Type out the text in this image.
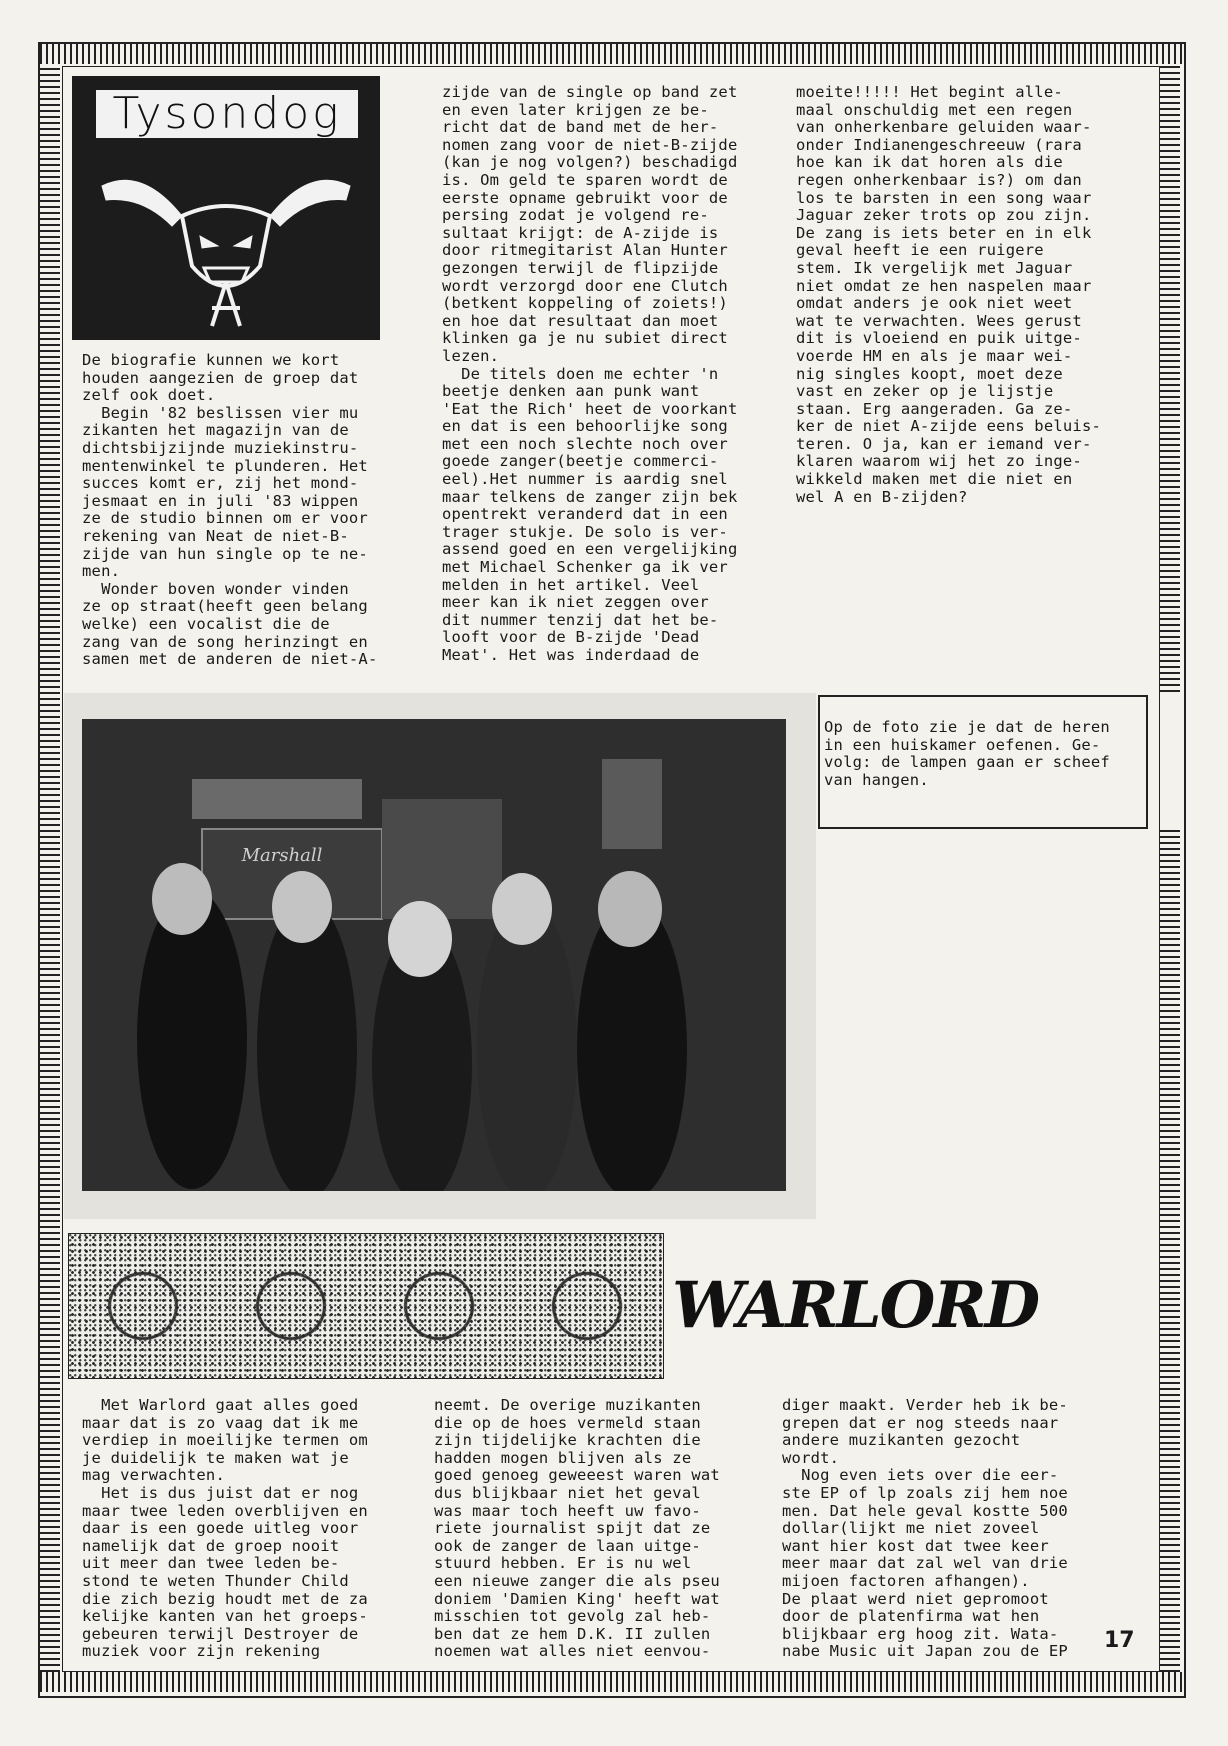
Tysondog
De biografie kunnen we kort
houden aangezien de groep dat
zelf ook doet.
Begin '82 beslissen vier mu
zikanten het magazijn van de
dichtsbijzijnde muziekinstru-
mentenwinkel te plunderen. Het
succes komt er, zij het mond-
jesmaat en in juli '83 wippen
ze de studio binnen om er voor
rekening van Neat de niet-B-
zijde van hun single op te ne-
men.
Wonder boven wonder vinden
ze op straat(heeft geen belang
welke) een vocalist die de
zang van de song herinzingt en
samen met de anderen de niet-A-
zijde van de single op band zet
en even later krijgen ze be-
richt dat de band met de her-
nomen zang voor de niet-B-zijde
(kan je nog volgen?) beschadigd
is. Om geld te sparen wordt de
eerste opname gebruikt voor de
persing zodat je volgend re-
sultaat krijgt: de A-zijde is
door ritmegitarist Alan Hunter
gezongen terwijl de flipzijde
wordt verzorgd door ene Clutch
(betkent koppeling of zoiets!)
en hoe dat resultaat dan moet
klinken ga je nu subiet direct
lezen.
De titels doen me echter 'n
beetje denken aan punk want
'Eat the Rich' heet de voorkant
en dat is een behoorlijke song
met een noch slechte noch over
goede zanger(beetje commerci-
eel).Het nummer is aardig snel
maar telkens de zanger zijn bek
opentrekt veranderd dat in een
trager stukje. De solo is ver-
assend goed en een vergelijking
met Michael Schenker ga ik ver
melden in het artikel. Veel
meer kan ik niet zeggen over
dit nummer tenzij dat het be-
looft voor de B-zijde 'Dead
Meat'. Het was inderdaad de
moeite!!!!! Het begint alle-
maal onschuldig met een regen
van onherkenbare geluiden waar-
onder Indianengeschreeuw (rara
hoe kan ik dat horen als die
regen onherkenbaar is?) om dan
los te barsten in een song waar
Jaguar zeker trots op zou zijn.
De zang is iets beter en in elk
geval heeft ie een ruigere
stem. Ik vergelijk met Jaguar
niet omdat ze hen naspelen maar
omdat anders je ook niet weet
wat te verwachten. Wees gerust
dit is vloeiend en puik uitge-
voerde HM en als je maar wei-
nig singles koopt, moet deze
vast en zeker op je lijstje
staan. Erg aangeraden. Ga ze-
ker de niet A-zijde eens beluis-
teren. O ja, kan er iemand ver-
klaren waarom wij het zo inge-
wikkeld maken met die niet en
wel A en B-zijden?
Marshall
Op de foto zie je dat de heren
in een huiskamer oefenen. Ge-
volg: de lampen gaan er scheef
van hangen.
WARLORD
Met Warlord gaat alles goed
maar dat is zo vaag dat ik me
verdiep in moeilijke termen om
je duidelijk te maken wat je
mag verwachten.
Het is dus juist dat er nog
maar twee leden overblijven en
daar is een goede uitleg voor
namelijk dat de groep nooit
uit meer dan twee leden be-
stond te weten Thunder Child
die zich bezig houdt met de za
kelijke kanten van het groeps-
gebeuren terwijl Destroyer de
muziek voor zijn rekening
neemt. De overige muzikanten
die op de hoes vermeld staan
zijn tijdelijke krachten die
hadden mogen blijven als ze
goed genoeg geweeest waren wat
dus blijkbaar niet het geval
was maar toch heeft uw favo-
riete journalist spijt dat ze
ook de zanger de laan uitge-
stuurd hebben. Er is nu wel
een nieuwe zanger die als pseu
doniem 'Damien King' heeft wat
misschien tot gevolg zal heb-
ben dat ze hem D.K. II zullen
noemen wat alles niet eenvou-
diger maakt. Verder heb ik be-
grepen dat er nog steeds naar
andere muzikanten gezocht
wordt.
Nog even iets over die eer-
ste EP of lp zoals zij hem noe
men. Dat hele geval kostte 500
dollar(lijkt me niet zoveel
want hier kost dat twee keer
meer maar dat zal wel van drie
mijoen factoren afhangen).
De plaat werd niet gepromoot
door de platenfirma wat hen
blijkbaar erg hoog zit. Wata-
nabe Music uit Japan zou de EP 17
